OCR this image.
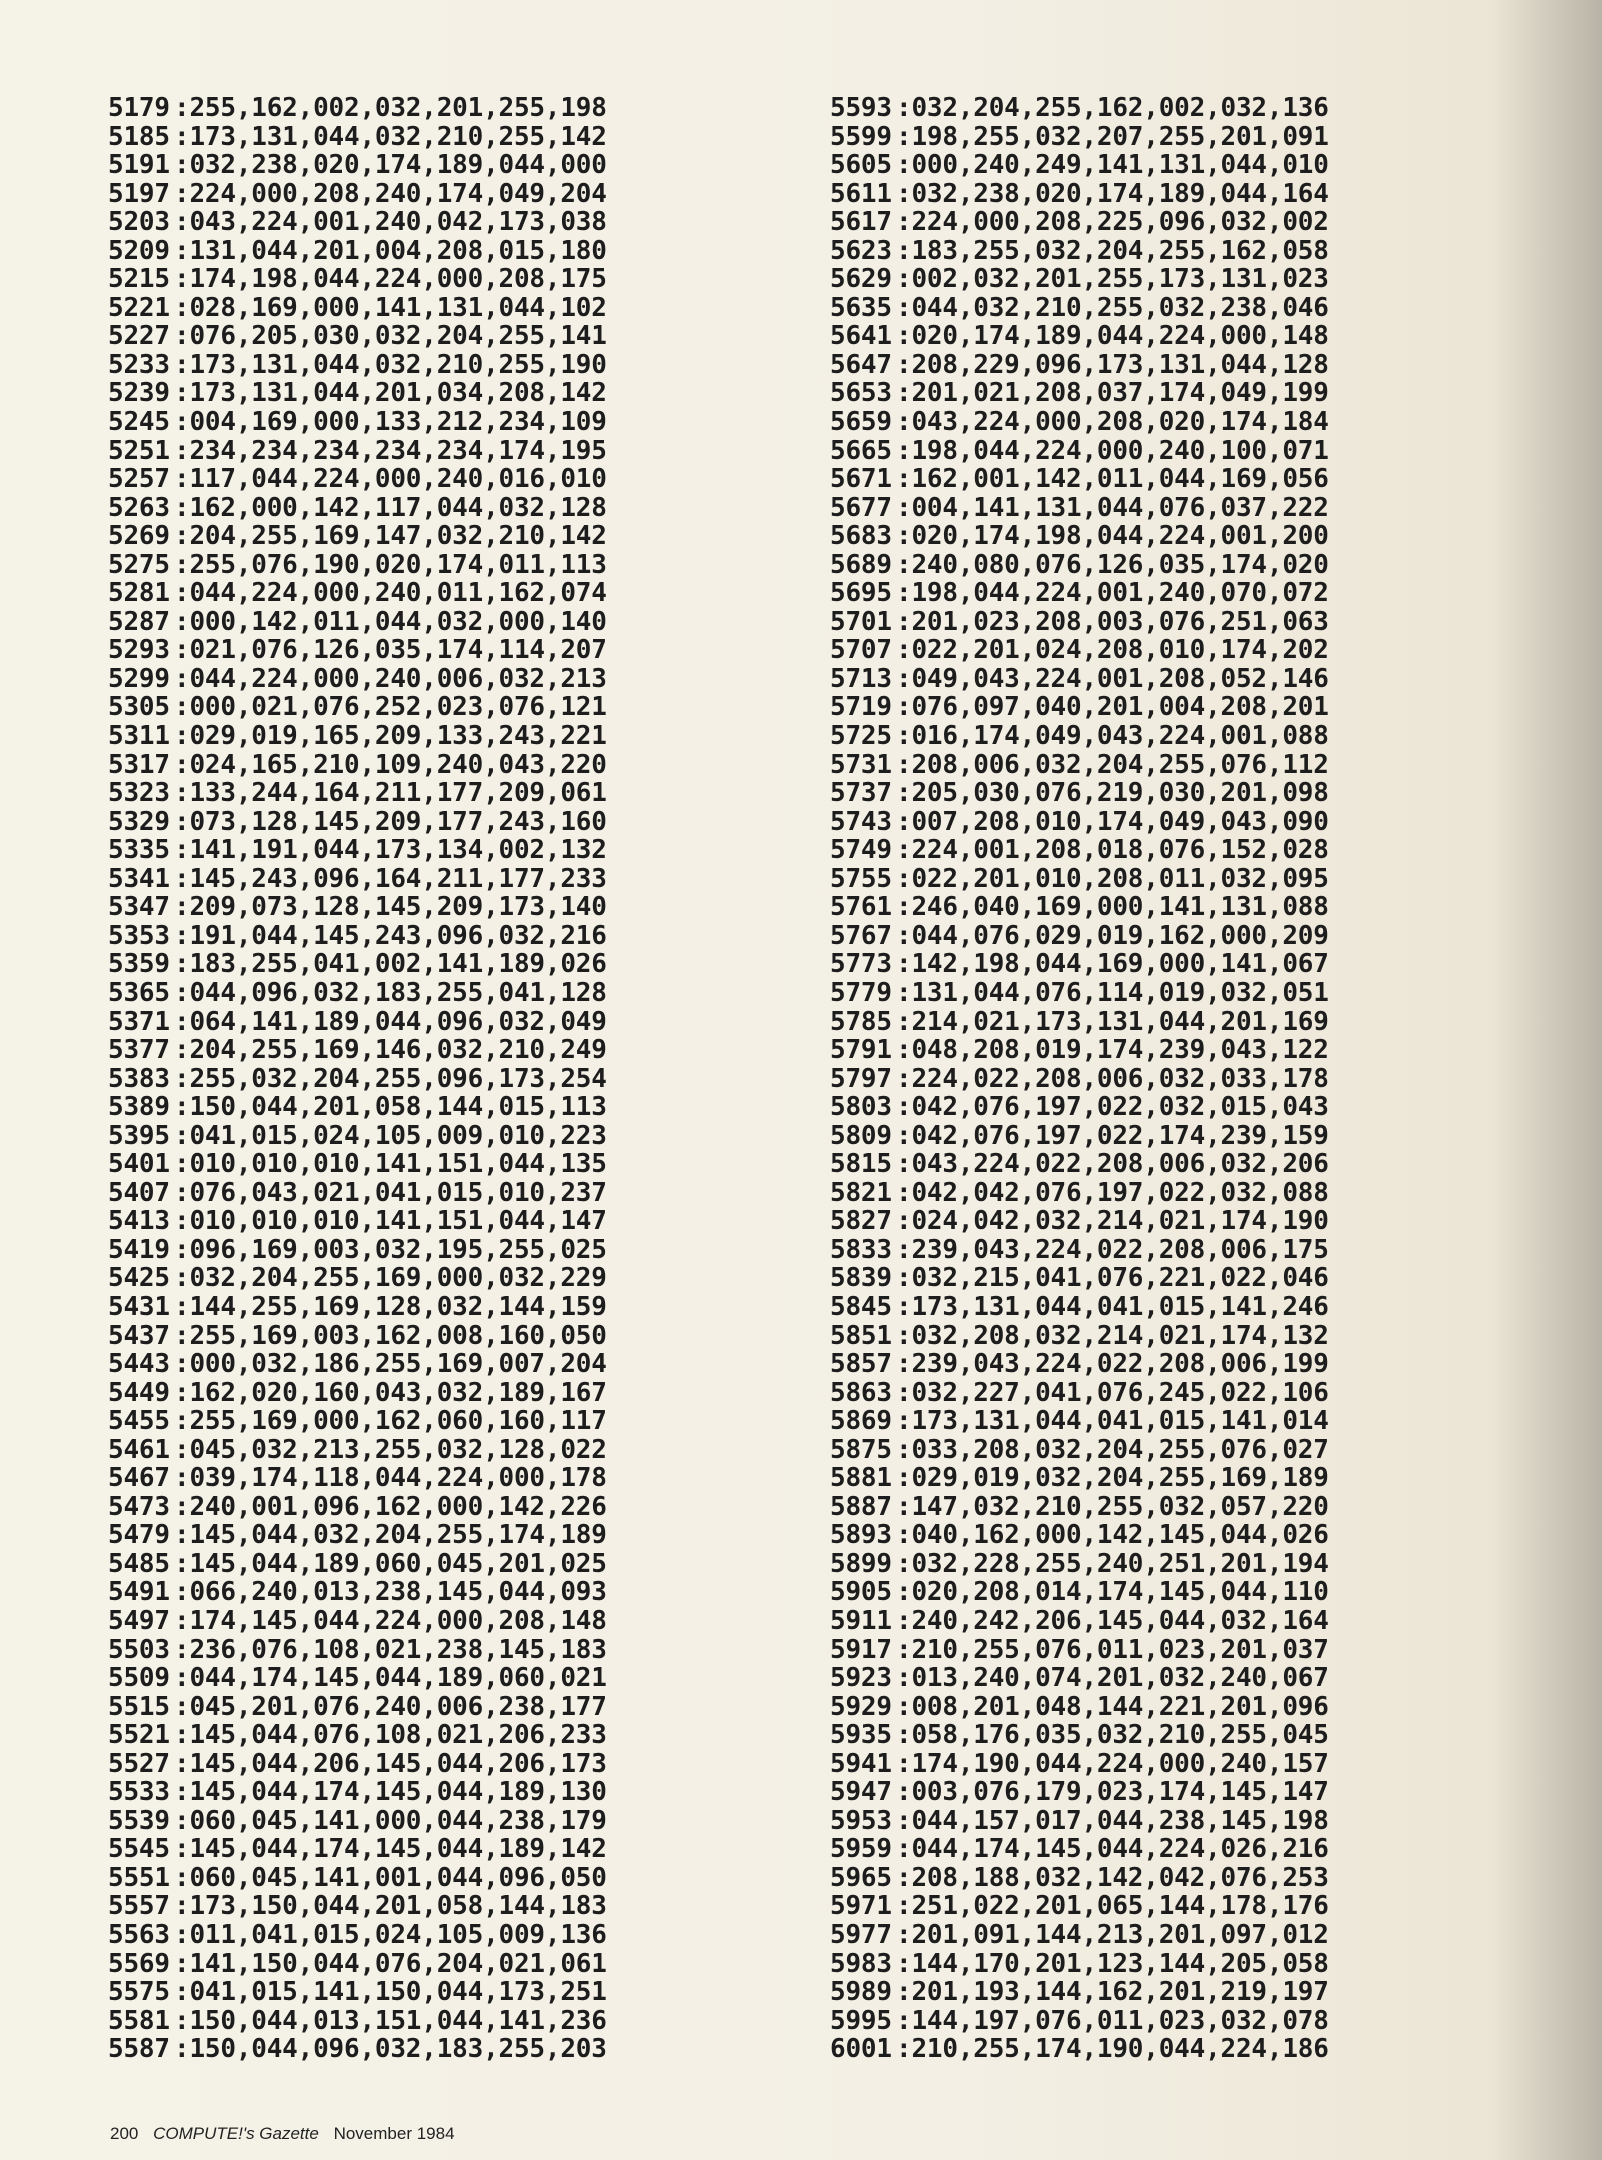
5179 :255,162,002,032,201,255,198
5185 :173,131,044,032,210,255,142
5191 :032,238,020,174,189,044,000
5197 :224,000,208,240,174,049,204
5203 :043,224,001,240,042,173,038
5209 :131,044,201,004,208,015,180
5215 :174,198,044,224,000,208,175
5221 :028,169,000,141,131,044,102
5227 :076,205,030,032,204,255,141
5233 :173,131,044,032,210,255,190
5239 :173,131,044,201,034,208,142
5245 :004,169,000,133,212,234,109
5251 :234,234,234,234,234,174,195
5257 :117,044,224,000,240,016,010
5263 :162,000,142,117,044,032,128
5269 :204,255,169,147,032,210,142
5275 :255,076,190,020,174,011,113
5281 :044,224,000,240,011,162,074
5287 :000,142,011,044,032,000,140
5293 :021,076,126,035,174,114,207
5299 :044,224,000,240,006,032,213
5305 :000,021,076,252,023,076,121
5311 :029,019,165,209,133,243,221
5317 :024,165,210,109,240,043,220
5323 :133,244,164,211,177,209,061
5329 :073,128,145,209,177,243,160
5335 :141,191,044,173,134,002,132
5341 :145,243,096,164,211,177,233
5347 :209,073,128,145,209,173,140
5353 :191,044,145,243,096,032,216
5359 :183,255,041,002,141,189,026
5365 :044,096,032,183,255,041,128
5371 :064,141,189,044,096,032,049
5377 :204,255,169,146,032,210,249
5383 :255,032,204,255,096,173,254
5389 :150,044,201,058,144,015,113
5395 :041,015,024,105,009,010,223
5401 :010,010,010,141,151,044,135
5407 :076,043,021,041,015,010,237
5413 :010,010,010,141,151,044,147
5419 :096,169,003,032,195,255,025
5425 :032,204,255,169,000,032,229
5431 :144,255,169,128,032,144,159
5437 :255,169,003,162,008,160,050
5443 :000,032,186,255,169,007,204
5449 :162,020,160,043,032,189,167
5455 :255,169,000,162,060,160,117
5461 :045,032,213,255,032,128,022
5467 :039,174,118,044,224,000,178
5473 :240,001,096,162,000,142,226
5479 :145,044,032,204,255,174,189
5485 :145,044,189,060,045,201,025
5491 :066,240,013,238,145,044,093
5497 :174,145,044,224,000,208,148
5503 :236,076,108,021,238,145,183
5509 :044,174,145,044,189,060,021
5515 :045,201,076,240,006,238,177
5521 :145,044,076,108,021,206,233
5527 :145,044,206,145,044,206,173
5533 :145,044,174,145,044,189,130
5539 :060,045,141,000,044,238,179
5545 :145,044,174,145,044,189,142
5551 :060,045,141,001,044,096,050
5557 :173,150,044,201,058,144,183
5563 :011,041,015,024,105,009,136
5569 :141,150,044,076,204,021,061
5575 :041,015,141,150,044,173,251
5581 :150,044,013,151,044,141,236
5587 :150,044,096,032,183,255,203
5593 :032,204,255,162,002,032,136
5599 :198,255,032,207,255,201,091
5605 :000,240,249,141,131,044,010
5611 :032,238,020,174,189,044,164
5617 :224,000,208,225,096,032,002
5623 :183,255,032,204,255,162,058
5629 :002,032,201,255,173,131,023
5635 :044,032,210,255,032,238,046
5641 :020,174,189,044,224,000,148
5647 :208,229,096,173,131,044,128
5653 :201,021,208,037,174,049,199
5659 :043,224,000,208,020,174,184
5665 :198,044,224,000,240,100,071
5671 :162,001,142,011,044,169,056
5677 :004,141,131,044,076,037,222
5683 :020,174,198,044,224,001,200
5689 :240,080,076,126,035,174,020
5695 :198,044,224,001,240,070,072
5701 :201,023,208,003,076,251,063
5707 :022,201,024,208,010,174,202
5713 :049,043,224,001,208,052,146
5719 :076,097,040,201,004,208,201
5725 :016,174,049,043,224,001,088
5731 :208,006,032,204,255,076,112
5737 :205,030,076,219,030,201,098
5743 :007,208,010,174,049,043,090
5749 :224,001,208,018,076,152,028
5755 :022,201,010,208,011,032,095
5761 :246,040,169,000,141,131,088
5767 :044,076,029,019,162,000,209
5773 :142,198,044,169,000,141,067
5779 :131,044,076,114,019,032,051
5785 :214,021,173,131,044,201,169
5791 :048,208,019,174,239,043,122
5797 :224,022,208,006,032,033,178
5803 :042,076,197,022,032,015,043
5809 :042,076,197,022,174,239,159
5815 :043,224,022,208,006,032,206
5821 :042,042,076,197,022,032,088
5827 :024,042,032,214,021,174,190
5833 :239,043,224,022,208,006,175
5839 :032,215,041,076,221,022,046
5845 :173,131,044,041,015,141,246
5851 :032,208,032,214,021,174,132
5857 :239,043,224,022,208,006,199
5863 :032,227,041,076,245,022,106
5869 :173,131,044,041,015,141,014
5875 :033,208,032,204,255,076,027
5881 :029,019,032,204,255,169,189
5887 :147,032,210,255,032,057,220
5893 :040,162,000,142,145,044,026
5899 :032,228,255,240,251,201,194
5905 :020,208,014,174,145,044,110
5911 :240,242,206,145,044,032,164
5917 :210,255,076,011,023,201,037
5923 :013,240,074,201,032,240,067
5929 :008,201,048,144,221,201,096
5935 :058,176,035,032,210,255,045
5941 :174,190,044,224,000,240,157
5947 :003,076,179,023,174,145,147
5953 :044,157,017,044,238,145,198
5959 :044,174,145,044,224,026,216
5965 :208,188,032,142,042,076,253
5971 :251,022,201,065,144,178,176
5977 :201,091,144,213,201,097,012
5983 :144,170,201,123,144,205,058
5989 :201,193,144,162,201,219,197
5995 :144,197,076,011,023,032,078
6001 :210,255,174,190,044,224,186
200 COMPUTE!'s Gazette November 1984
